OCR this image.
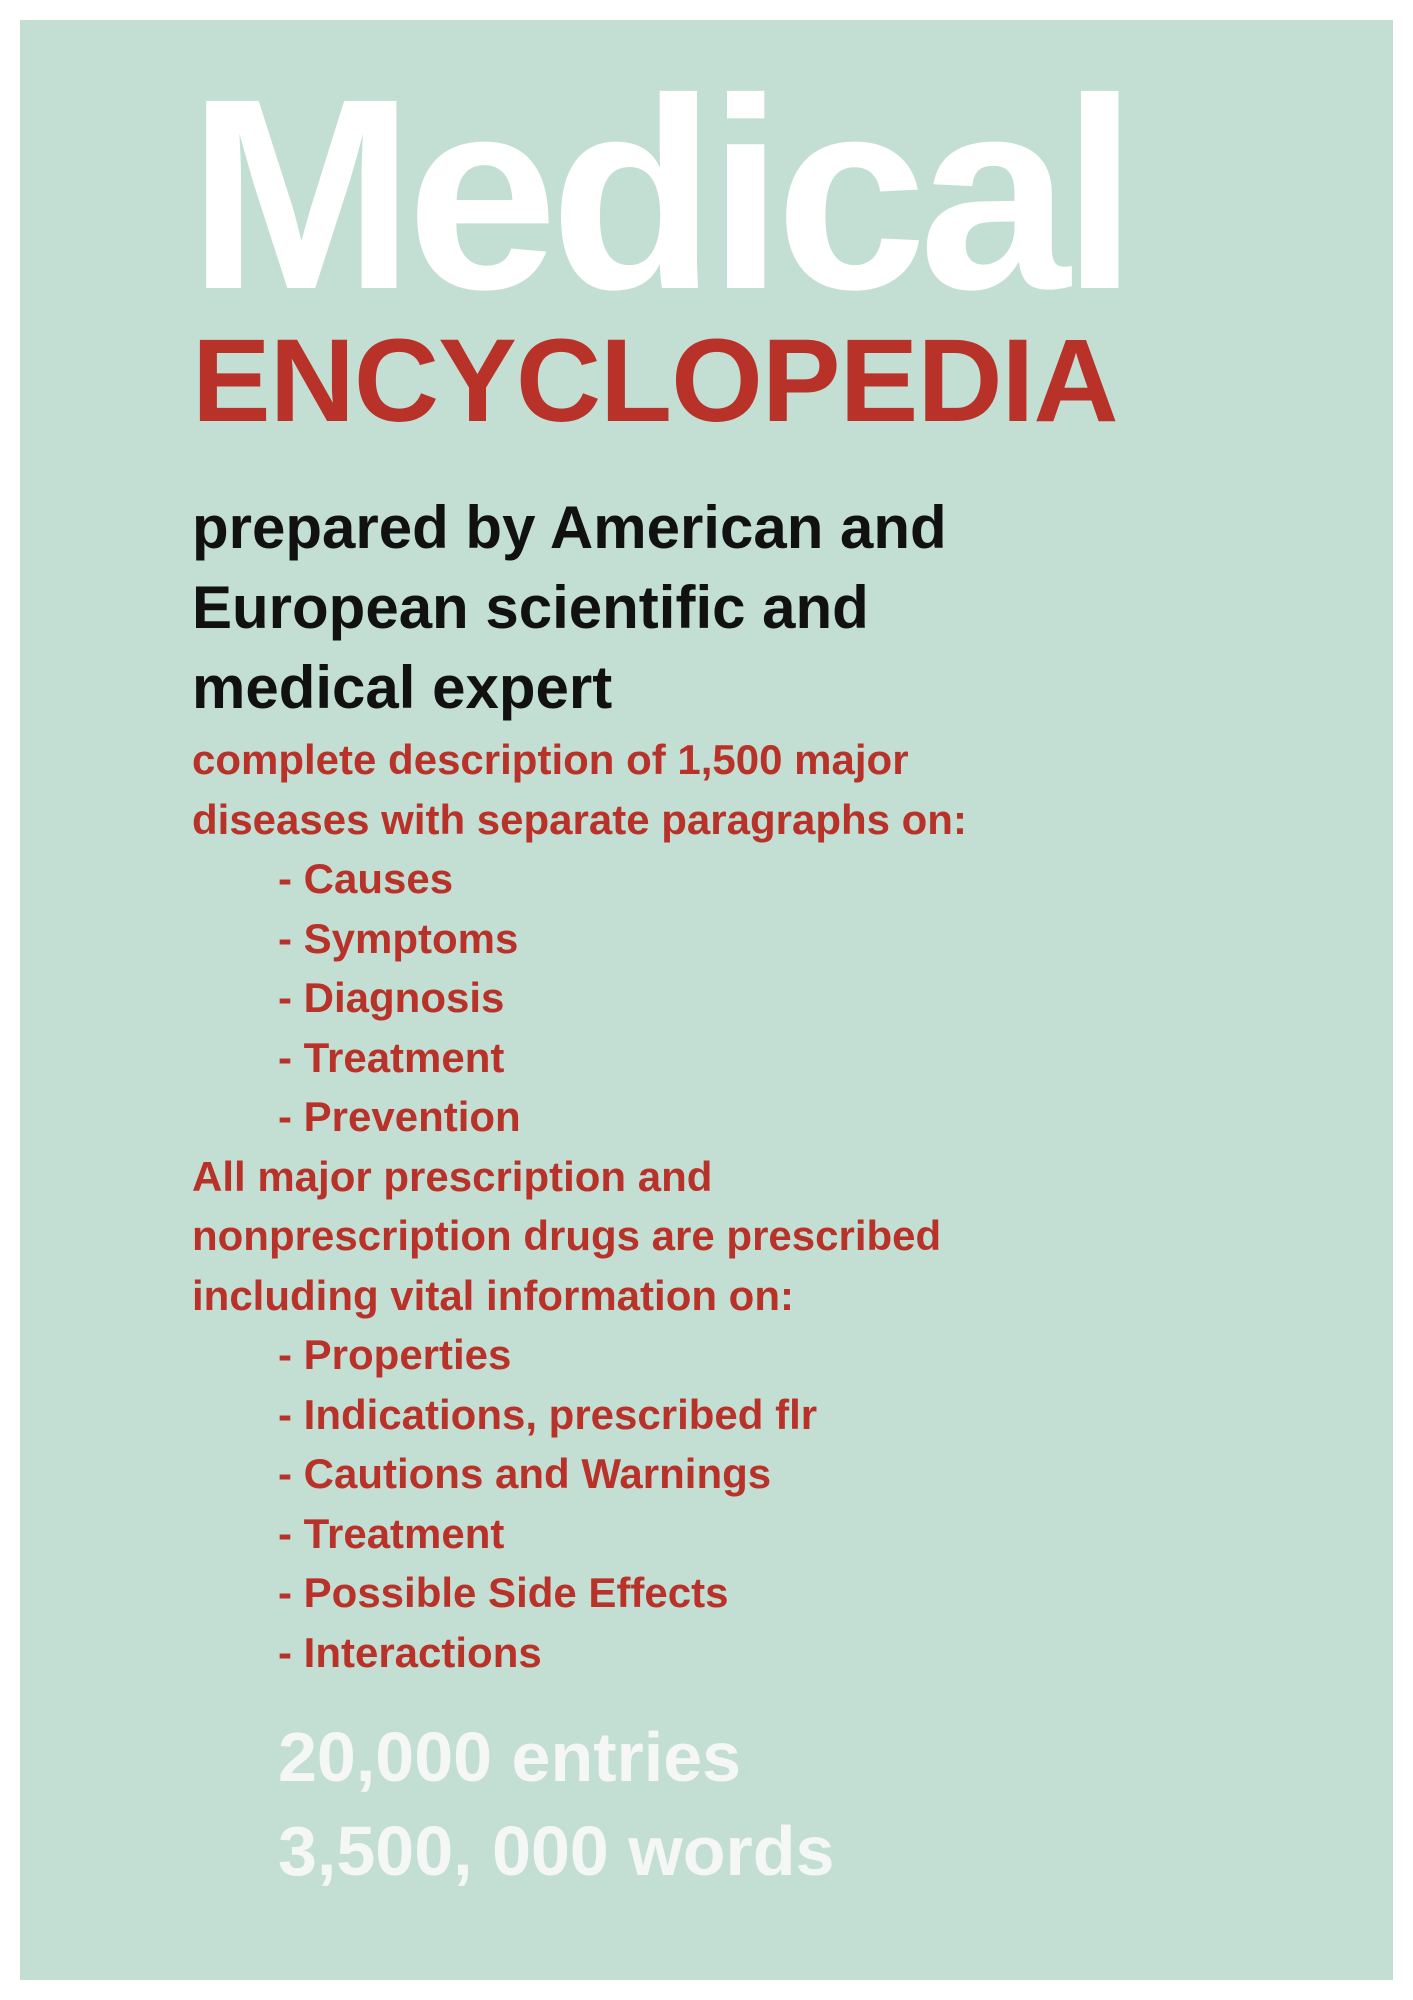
Medical
ENCYCLOPEDIA
prepared by American and
European scientific and
medical expert
complete description of 1,500 major
diseases with separate paragraphs on:
- Causes
- Symptoms
- Diagnosis
- Treatment
- Prevention
All major prescription and
nonprescription drugs are prescribed
including vital information on:
- Properties
- Indications, prescribed flr
- Cautions and Warnings
- Treatment
- Possible Side Effects
- Interactions
20,000 entries
3,500, 000 words
